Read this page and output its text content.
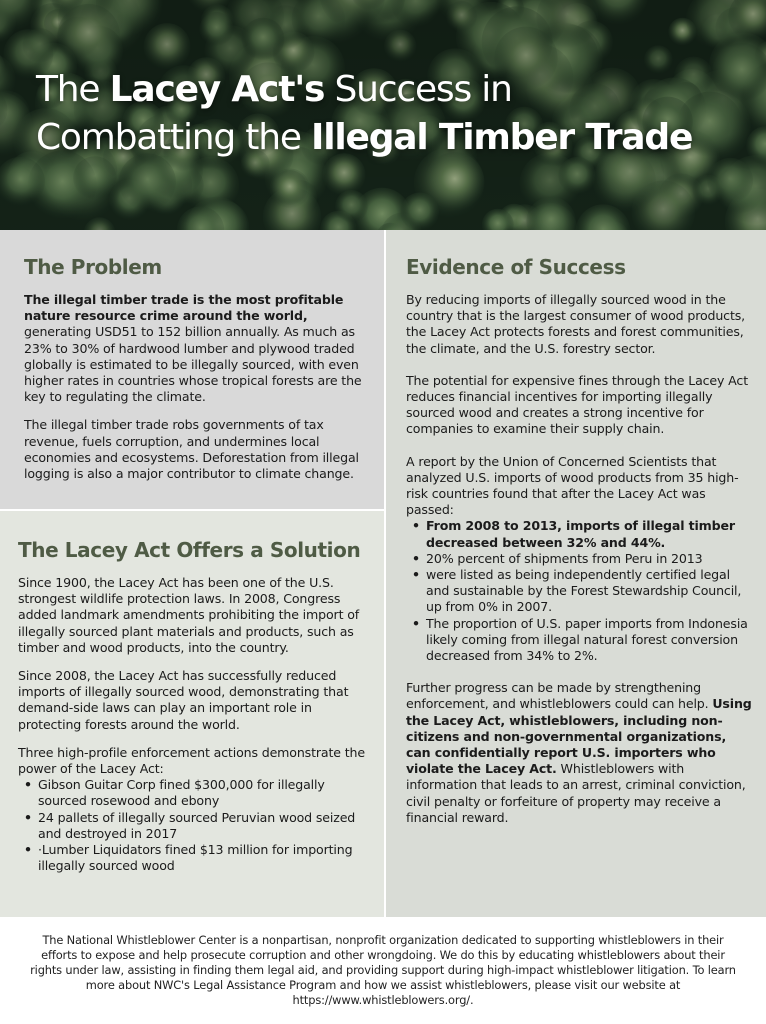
The Lacey Act's Success in
Combatting the Illegal Timber Trade
The Problem
The illegal timber trade is the most profitable nature resource crime around the world, generating USD51 to 152 billion annually. As much as 23% to 30% of hardwood lumber and plywood traded globally is estimated to be illegally sourced, with even higher rates in countries whose tropical forests are the key to regulating the climate.
The illegal timber trade robs governments of tax revenue, fuels corruption, and undermines local economies and ecosystems. Deforestation from illegal logging is also a major contributor to climate change.
The Lacey Act Offers a Solution
Since 1900, the Lacey Act has been one of the U.S. strongest wildlife protection laws. In 2008, Congress added landmark amendments prohibiting the import of illegally sourced plant materials and products, such as timber and wood products, into the country.
Since 2008, the Lacey Act has successfully reduced imports of illegally sourced wood, demonstrating that demand-side laws can play an important role in protecting forests around the world.
Three high-profile enforcement actions demonstrate the power of the Lacey Act:
• Gibson Guitar Corp fined $300,000 for illegally sourced rosewood and ebony
• 24 pallets of illegally sourced Peruvian wood seized and destroyed in 2017
• ·Lumber Liquidators fined $13 million for importing illegally sourced wood
Evidence of Success
By reducing imports of illegally sourced wood in the country that is the largest consumer of wood products, the Lacey Act protects forests and forest communities, the climate, and the U.S. forestry sector.
The potential for expensive fines through the Lacey Act reduces financial incentives for importing illegally sourced wood and creates a strong incentive for companies to examine their supply chain.
A report by the Union of Concerned Scientists that analyzed U.S. imports of wood products from 35 high-risk countries found that after the Lacey Act was passed:
• From 2008 to 2013, imports of illegal timber decreased between 32% and 44%.
• 20% percent of shipments from Peru in 2013
• were listed as being independently certified legal and sustainable by the Forest Stewardship Council, up from 0% in 2007.
• The proportion of U.S. paper imports from Indonesia likely coming from illegal natural forest conversion decreased from 34% to 2%.
Further progress can be made by strengthening enforcement, and whistleblowers could can help. Using the Lacey Act, whistleblowers, including non-citizens and non-governmental organizations, can confidentially report U.S. importers who violate the Lacey Act. Whistleblowers with information that leads to an arrest, criminal conviction, civil penalty or forfeiture of property may receive a financial reward.
The National Whistleblower Center is a nonpartisan, nonprofit organization dedicated to supporting whistleblowers in their efforts to expose and help prosecute corruption and other wrongdoing. We do this by educating whistleblowers about their rights under law, assisting in finding them legal aid, and providing support during high-impact whistleblower litigation. To learn more about NWC's Legal Assistance Program and how we assist whistleblowers, please visit our website at https://www.whistleblowers.org/.
